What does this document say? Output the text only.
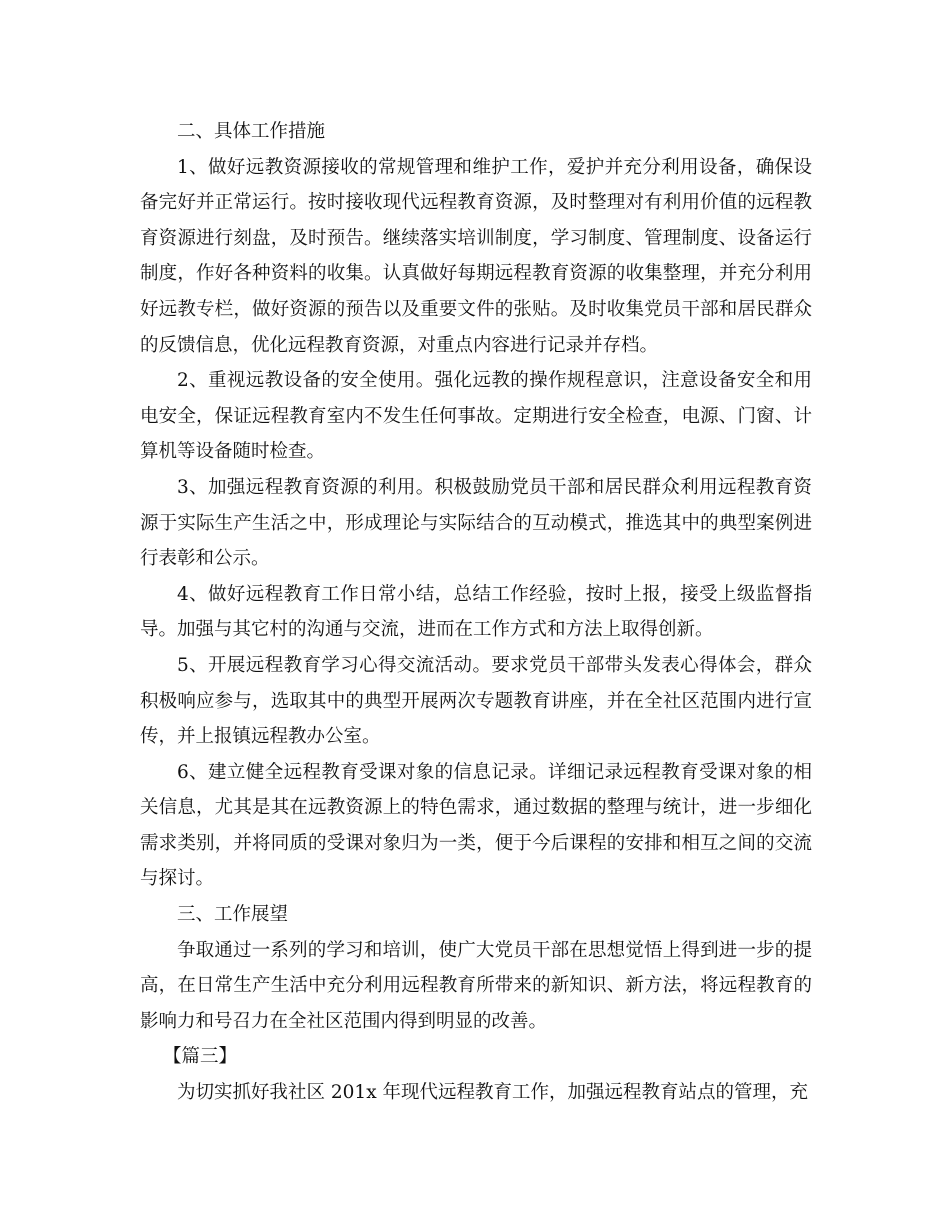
二、具体工作措施

1、做好远教资源接收的常规管理和维护工作，爱护并充分利用设备，确保设备完好并正常运行。按时接收现代远程教育资源，及时整理对有利用价值的远程教育资源进行刻盘，及时预告。继续落实培训制度，学习制度、管理制度、设备运行制度，作好各种资料的收集。认真做好每期远程教育资源的收集整理，并充分利用好远教专栏，做好资源的预告以及重要文件的张贴。及时收集党员干部和居民群众的反馈信息，优化远程教育资源，对重点内容进行记录并存档。

2、重视远教设备的安全使用。强化远教的操作规程意识，注意设备安全和用电安全，保证远程教育室内不发生任何事故。定期进行安全检查，电源、门窗、计算机等设备随时检查。

3、加强远程教育资源的利用。积极鼓励党员干部和居民群众利用远程教育资源于实际生产生活之中，形成理论与实际结合的互动模式，推选其中的典型案例进行表彰和公示。

4、做好远程教育工作日常小结，总结工作经验，按时上报，接受上级监督指导。加强与其它村的沟通与交流，进而在工作方式和方法上取得创新。

5、开展远程教育学习心得交流活动。要求党员干部带头发表心得体会，群众积极响应参与，选取其中的典型开展两次专题教育讲座，并在全社区范围内进行宣传，并上报镇远程教办公室。

6、建立健全远程教育受课对象的信息记录。详细记录远程教育受课对象的相关信息，尤其是其在远教资源上的特色需求，通过数据的整理与统计，进一步细化需求类别，并将同质的受课对象归为一类，便于今后课程的安排和相互之间的交流与探讨。

三、工作展望

争取通过一系列的学习和培训，使广大党员干部在思想觉悟上得到进一步的提高，在日常生产生活中充分利用远程教育所带来的新知识、新方法，将远程教育的影响力和号召力在全社区范围内得到明显的改善。

【篇三】

为切实抓好我社区 201x 年现代远程教育工作，加强远程教育站点的管理，充
